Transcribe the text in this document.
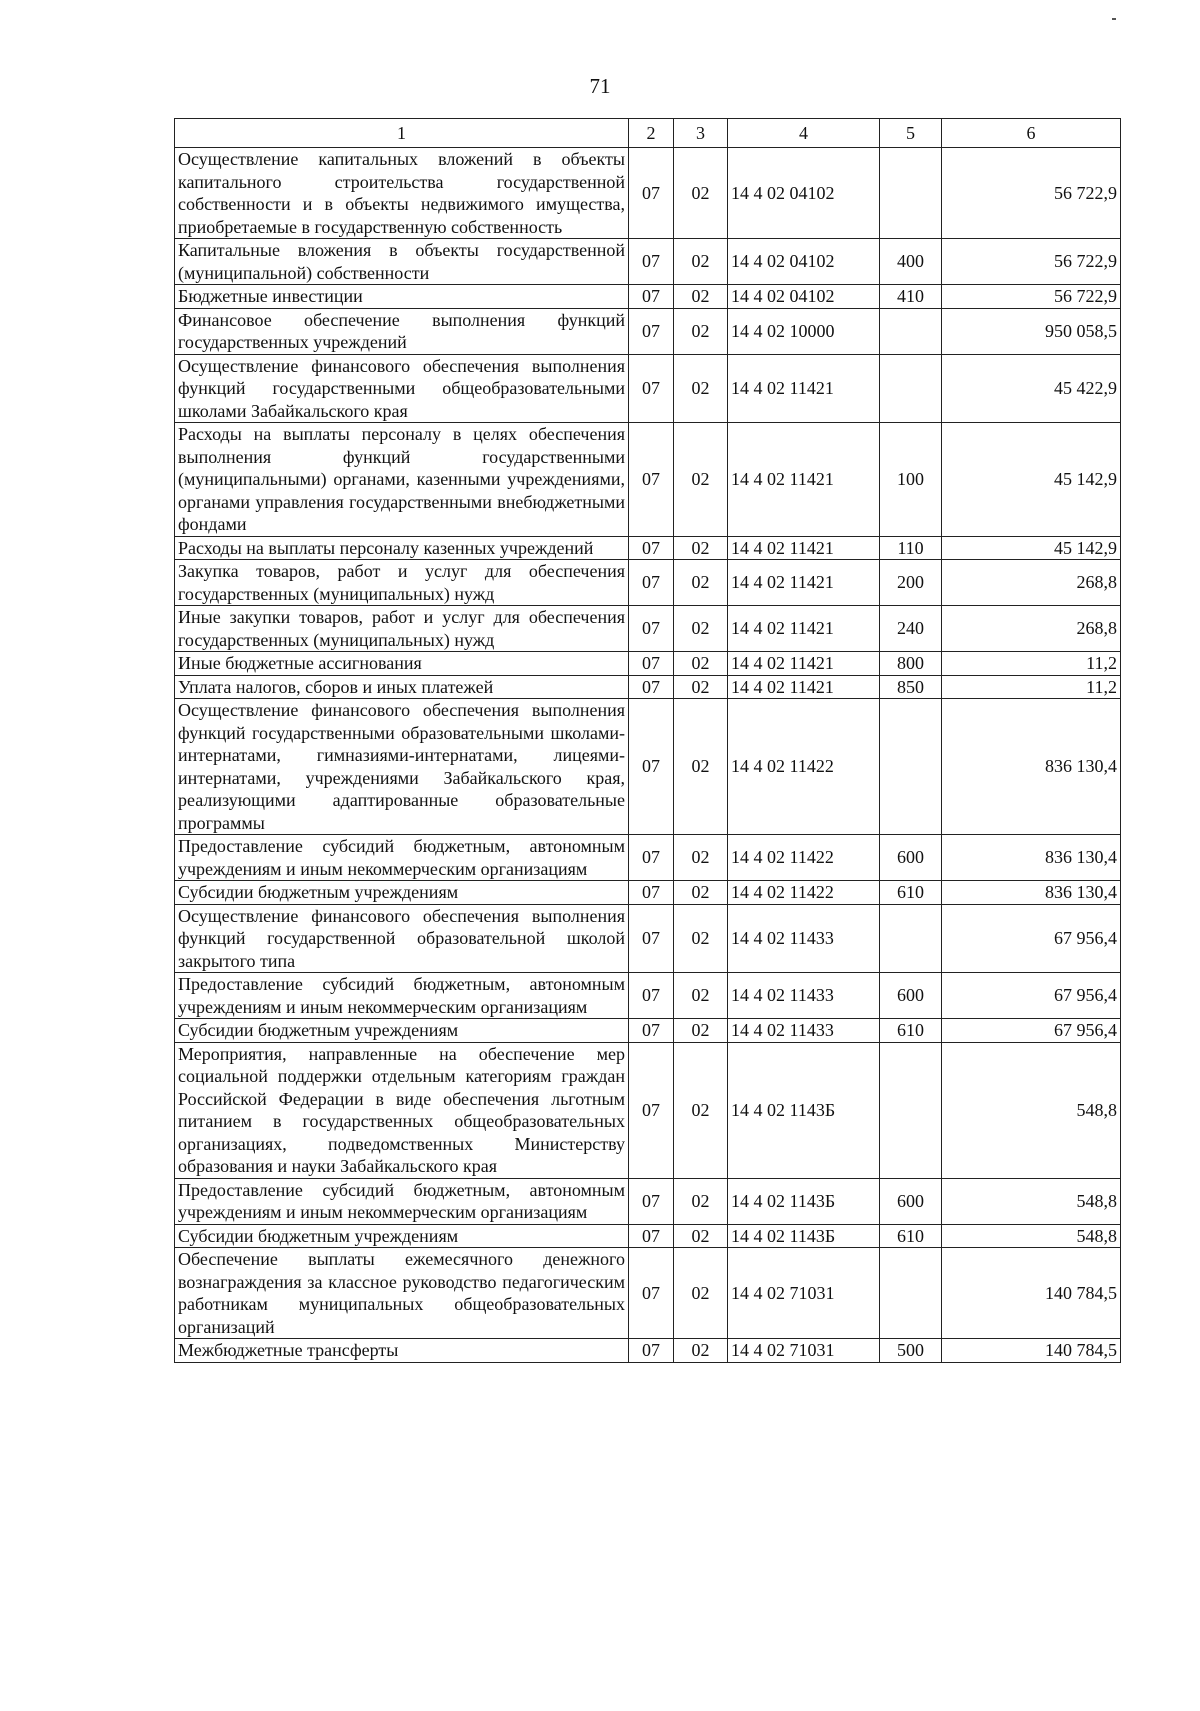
71
1	2	3	4	5	6
Осуществление капитальных вложений в объекты капитального строительства государственной собственности и в объекты недвижимого имущества, приобретаемые в государственную собственность	07	02	14 4 02 04102		56 722,9
Капитальные вложения в объекты государственной (муниципальной) собственности	07	02	14 4 02 04102	400	56 722,9
Бюджетные инвестиции	07	02	14 4 02 04102	410	56 722,9
Финансовое обеспечение выполнения функций государственных учреждений	07	02	14 4 02 10000		950 058,5
Осуществление финансового обеспечения выполнения функций государственными общеобразовательными школами Забайкальского края	07	02	14 4 02 11421		45 422,9
Расходы на выплаты персоналу в целях обеспечения выполнения функций государственными (муниципальными) органами, казенными учреждениями, органами управления государственными внебюджетными фондами	07	02	14 4 02 11421	100	45 142,9
Расходы на выплаты персоналу казенных учреждений	07	02	14 4 02 11421	110	45 142,9
Закупка товаров, работ и услуг для обеспечения государственных (муниципальных) нужд	07	02	14 4 02 11421	200	268,8
Иные закупки товаров, работ и услуг для обеспечения государственных (муниципальных) нужд	07	02	14 4 02 11421	240	268,8
Иные бюджетные ассигнования	07	02	14 4 02 11421	800	11,2
Уплата налогов, сборов и иных платежей	07	02	14 4 02 11421	850	11,2
Осуществление финансового обеспечения выполнения функций государственными образовательными школами-интернатами, гимназиями-интернатами, лицеями-интернатами, учреждениями Забайкальского края, реализующими адаптированные образовательные программы	07	02	14 4 02 11422		836 130,4
Предоставление субсидий бюджетным, автономным учреждениям и иным некоммерческим организациям	07	02	14 4 02 11422	600	836 130,4
Субсидии бюджетным учреждениям	07	02	14 4 02 11422	610	836 130,4
Осуществление финансового обеспечения выполнения функций государственной образовательной школой закрытого типа	07	02	14 4 02 11433		67 956,4
Предоставление субсидий бюджетным, автономным учреждениям и иным некоммерческим организациям	07	02	14 4 02 11433	600	67 956,4
Субсидии бюджетным учреждениям	07	02	14 4 02 11433	610	67 956,4
Мероприятия, направленные на обеспечение мер социальной поддержки отдельным категориям граждан Российской Федерации в виде обеспечения льготным питанием в государственных общеобразовательных организациях, подведомственных Министерству образования и науки Забайкальского края	07	02	14 4 02 1143Б		548,8
Предоставление субсидий бюджетным, автономным учреждениям и иным некоммерческим организациям	07	02	14 4 02 1143Б	600	548,8
Субсидии бюджетным учреждениям	07	02	14 4 02 1143Б	610	548,8
Обеспечение выплаты ежемесячного денежного вознаграждения за классное руководство педагогическим работникам муниципальных общеобразовательных организаций	07	02	14 4 02 71031		140 784,5
Межбюджетные трансферты	07	02	14 4 02 71031	500	140 784,5
